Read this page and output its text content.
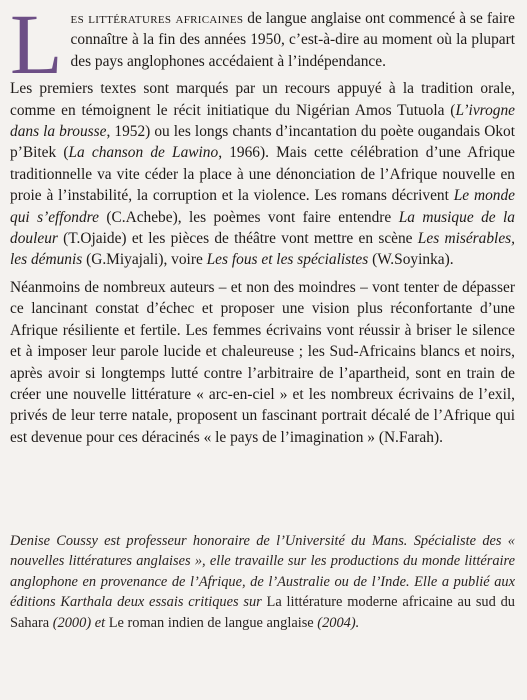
L es littératures africaines de langue anglaise ont commencé à se faire connaître à la fin des années 1950, c’est-à-dire au moment où la plupart des pays anglophones accédaient à l’indépendance.

Les premiers textes sont marqués par un recours appuyé à la tradition orale, comme en témoignent le récit initiatique du Nigérian Amos Tutuola (L’ivrogne dans la brousse, 1952) ou les longs chants d’incantation du poète ougandais Okot p’Bitek (La chanson de Lawino, 1966). Mais cette célébration d’une Afrique traditionnelle va vite céder la place à une dénonciation de l’Afrique nouvelle en proie à l’instabilité, la corruption et la violence. Les romans décrivent Le monde qui s’effondre (C.Achebe), les poèmes vont faire entendre La musique de la douleur (T.Ojaide) et les pièces de théâtre vont mettre en scène Les misérables, les démunis (G.Miyajali), voire Les fous et les spécialistes (W.Soyinka).

Néanmoins de nombreux auteurs – et non des moindres – vont tenter de dépasser ce lancinant constat d’échec et proposer une vision plus réconfortante d’une Afrique résiliente et fertile. Les femmes écrivains vont réussir à briser le silence et à imposer leur parole lucide et chaleureuse ; les Sud-Africains blancs et noirs, après avoir si longtemps lutté contre l’arbitraire de l’apartheid, sont en train de créer une nouvelle littérature « arc-en-ciel » et les nombreux écrivains de l’exil, privés de leur terre natale, proposent un fascinant portrait décalé de l’Afrique qui est devenue pour ces déracinés « le pays de l’imagination » (N.Farah).

Denise Coussy est professeur honoraire de l’Université du Mans. Spécialiste des « nouvelles littératures anglaises », elle travaille sur les productions du monde littéraire anglophone en provenance de l’Afrique, de l’Australie ou de l’Inde. Elle a publié aux éditions Karthala deux essais critiques sur La littérature moderne africaine au sud du Sahara (2000) et Le roman indien de langue anglaise (2004).
